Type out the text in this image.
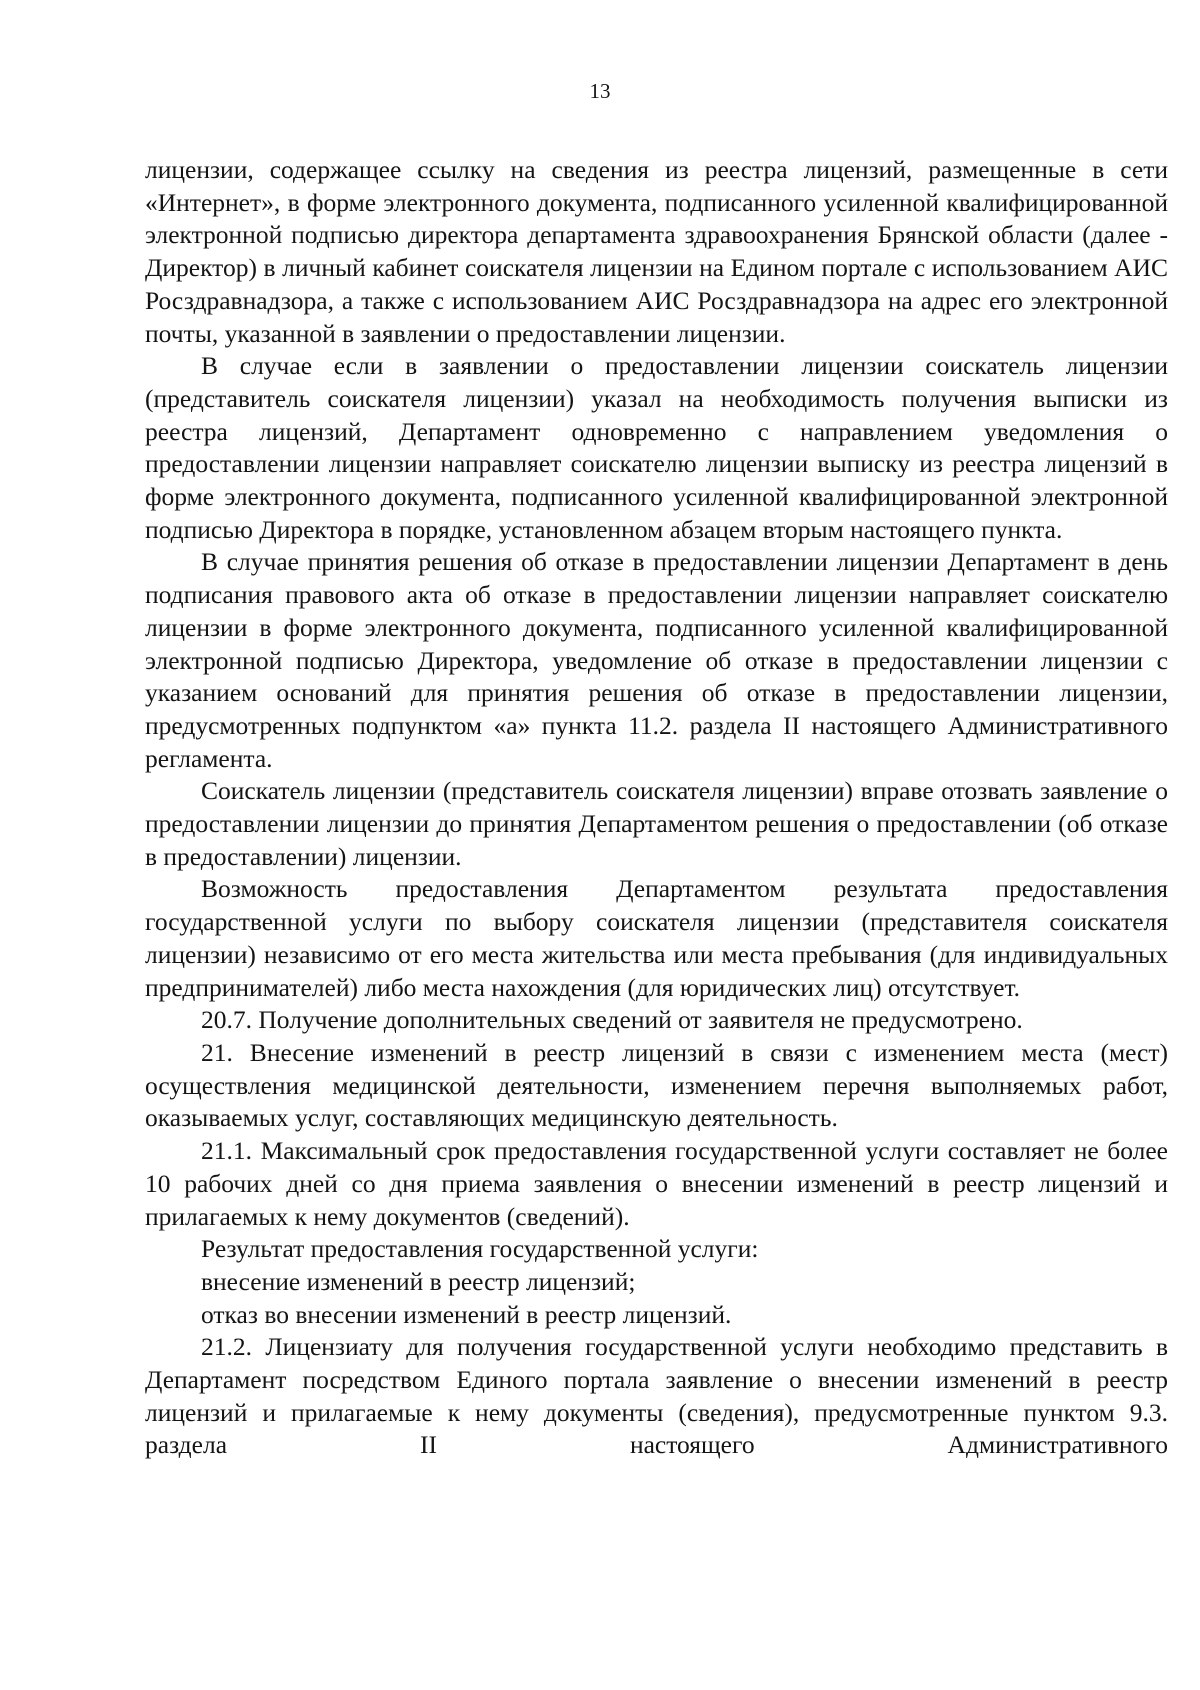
13

лицензии, содержащее ссылку на сведения из реестра лицензий, размещенные в сети «Интернет», в форме электронного документа, подписанного усиленной квалифицированной электронной подписью директора департамента здравоохранения Брянской области (далее - Директор) в личный кабинет соискателя лицензии на Едином портале с использованием АИС Росздравнадзора, а также с использованием АИС Росздравнадзора на адрес его электронной почты, указанной в заявлении о предоставлении лицензии.

В случае если в заявлении о предоставлении лицензии соискатель лицензии (представитель соискателя лицензии) указал на необходимость получения выписки из реестра лицензий, Департамент одновременно с направлением уведомления о предоставлении лицензии направляет соискателю лицензии выписку из реестра лицензий в форме электронного документа, подписанного усиленной квалифицированной электронной подписью Директора в порядке, установленном абзацем вторым настоящего пункта.

В случае принятия решения об отказе в предоставлении лицензии Департамент в день подписания правового акта об отказе в предоставлении лицензии направляет соискателю лицензии в форме электронного документа, подписанного усиленной квалифицированной электронной подписью Директора, уведомление об отказе в предоставлении лицензии с указанием оснований для принятия решения об отказе в предоставлении лицензии, предусмотренных подпунктом «а» пункта 11.2. раздела II настоящего Административного регламента.

Соискатель лицензии (представитель соискателя лицензии) вправе отозвать заявление о предоставлении лицензии до принятия Департаментом решения о предоставлении (об отказе в предоставлении) лицензии.

Возможность предоставления Департаментом результата предоставления государственной услуги по выбору соискателя лицензии (представителя соискателя лицензии) независимо от его места жительства или места пребывания (для индивидуальных предпринимателей) либо места нахождения (для юридических лиц) отсутствует.

20.7. Получение дополнительных сведений от заявителя не предусмотрено.

21. Внесение изменений в реестр лицензий в связи с изменением места (мест) осуществления медицинской деятельности, изменением перечня выполняемых работ, оказываемых услуг, составляющих медицинскую деятельность.

21.1. Максимальный срок предоставления государственной услуги составляет не более 10 рабочих дней со дня приема заявления о внесении изменений в реестр лицензий и прилагаемых к нему документов (сведений).

Результат предоставления государственной услуги:

внесение изменений в реестр лицензий;

отказ во внесении изменений в реестр лицензий.

21.2. Лицензиату для получения государственной услуги необходимо представить в Департамент посредством Единого портала заявление о внесении изменений в реестр лицензий и прилагаемые к нему документы (сведения), предусмотренные пунктом 9.3. раздела II настоящего Административного
